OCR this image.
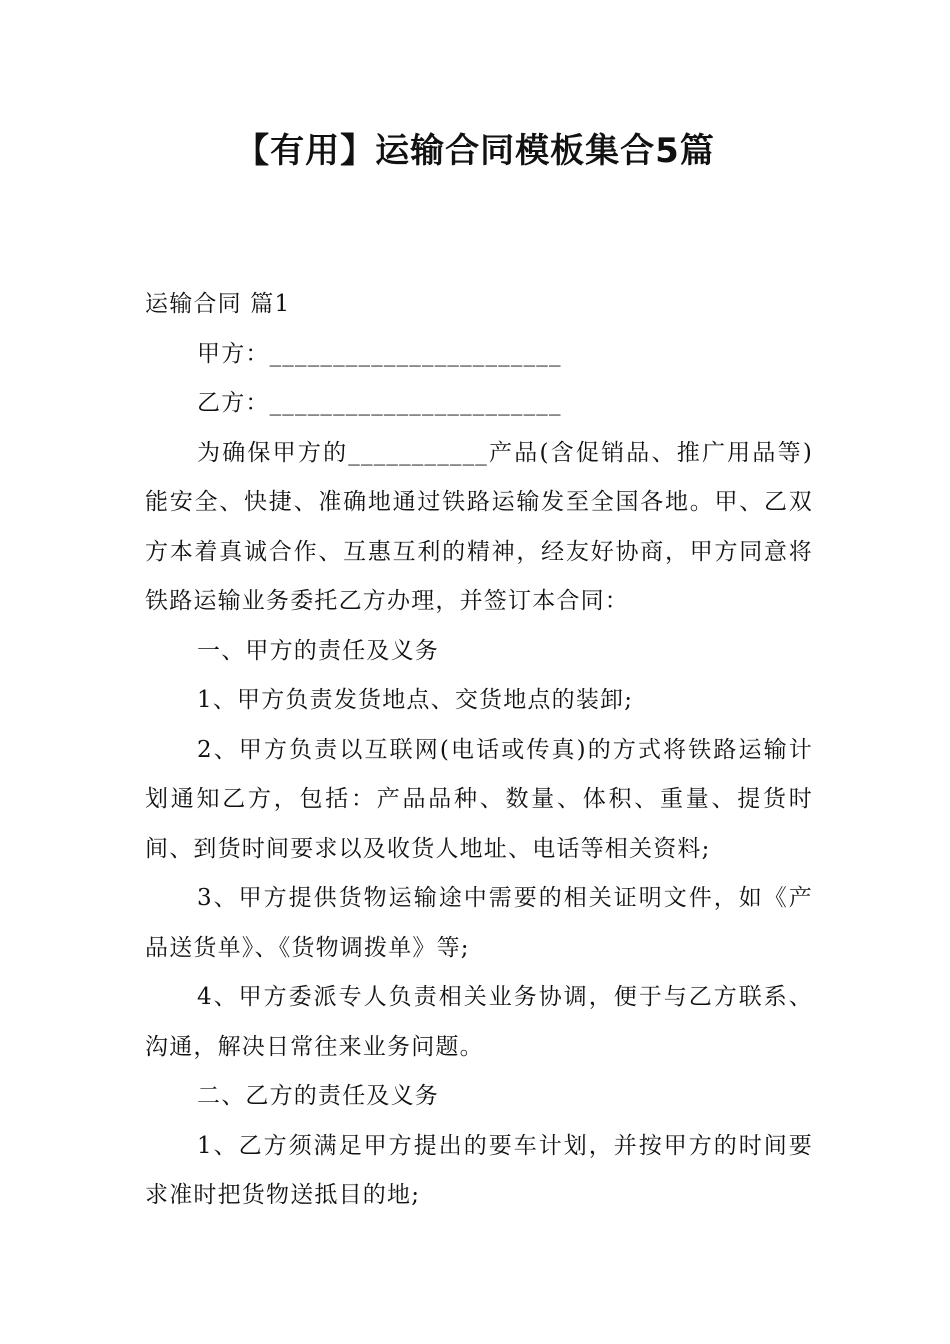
【有用】运输合同模板集合5篇

运输合同 篇1

甲方：_______________________

乙方：_______________________

为确保甲方的___________产品(含促销品、推广用品等)能安全、快捷、准确地通过铁路运输发至全国各地。甲、乙双方本着真诚合作、互惠互利的精神，经友好协商，甲方同意将铁路运输业务委托乙方办理，并签订本合同：

一、甲方的责任及义务

1、甲方负责发货地点、交货地点的装卸;

2、甲方负责以互联网(电话或传真)的方式将铁路运输计划通知乙方，包括：产品品种、数量、体积、重量、提货时间、到货时间要求以及收货人地址、电话等相关资料;

3、甲方提供货物运输途中需要的相关证明文件，如《产品送货单》、《货物调拨单》等;

4、甲方委派专人负责相关业务协调，便于与乙方联系、沟通，解决日常往来业务问题。

二、乙方的责任及义务

1、乙方须满足甲方提出的要车计划，并按甲方的时间要求准时把货物送抵目的地;
